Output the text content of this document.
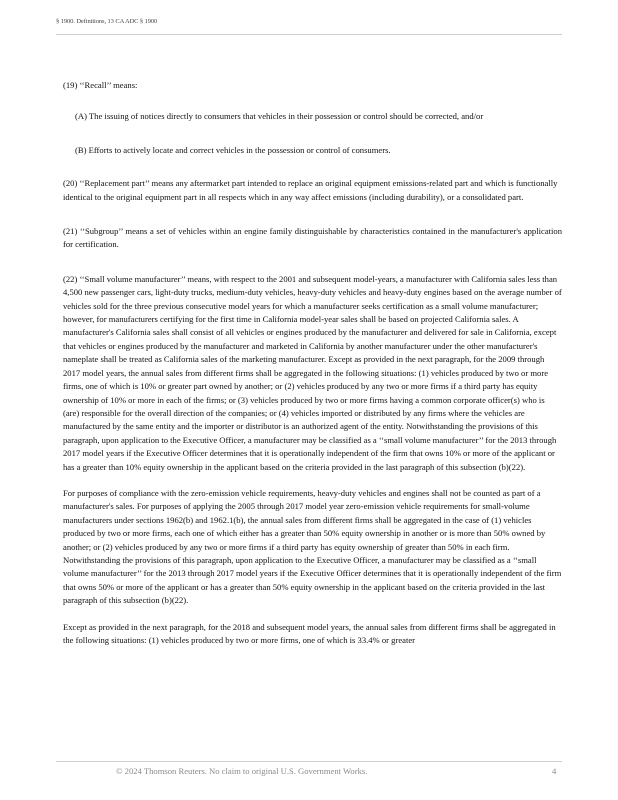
§ 1900. Definitions, 13 CA ADC § 1900

(19) ‘‘Recall’’ means:

(A) The issuing of notices directly to consumers that vehicles in their possession or control should be corrected, and/or

(B) Efforts to actively locate and correct vehicles in the possession or control of consumers.

(20) ‘‘Replacement part’’ means any aftermarket part intended to replace an original equipment emissions-related part and which is functionally identical to the original equipment part in all respects which in any way affect emissions (including durability), or a consolidated part.

(21) ‘‘Subgroup’’ means a set of vehicles within an engine family distinguishable by characteristics contained in the manufacturer's application for certification.

(22) ‘‘Small volume manufacturer’’ means, with respect to the 2001 and subsequent model-years, a manufacturer with California sales less than 4,500 new passenger cars, light-duty trucks, medium-duty vehicles, heavy-duty vehicles and heavy-duty engines based on the average number of vehicles sold for the three previous consecutive model years for which a manufacturer seeks certification as a small volume manufacturer; however, for manufacturers certifying for the first time in California model-year sales shall be based on projected California sales. A manufacturer's California sales shall consist of all vehicles or engines produced by the manufacturer and delivered for sale in California, except that vehicles or engines produced by the manufacturer and marketed in California by another manufacturer under the other manufacturer's nameplate shall be treated as California sales of the marketing manufacturer. Except as provided in the next paragraph, for the 2009 through 2017 model years, the annual sales from different firms shall be aggregated in the following situations: (1) vehicles produced by two or more firms, one of which is 10% or greater part owned by another; or (2) vehicles produced by any two or more firms if a third party has equity ownership of 10% or more in each of the firms; or (3) vehicles produced by two or more firms having a common corporate officer(s) who is (are) responsible for the overall direction of the companies; or (4) vehicles imported or distributed by any firms where the vehicles are manufactured by the same entity and the importer or distributor is an authorized agent of the entity. Notwithstanding the provisions of this paragraph, upon application to the Executive Officer, a manufacturer may be classified as a ‘‘small volume manufacturer’’ for the 2013 through 2017 model years if the Executive Officer determines that it is operationally independent of the firm that owns 10% or more of the applicant or has a greater than 10% equity ownership in the applicant based on the criteria provided in the last paragraph of this subsection (b)(22).

For purposes of compliance with the zero-emission vehicle requirements, heavy-duty vehicles and engines shall not be counted as part of a manufacturer's sales. For purposes of applying the 2005 through 2017 model year zero-emission vehicle requirements for small-volume manufacturers under sections 1962(b) and 1962.1(b), the annual sales from different firms shall be aggregated in the case of (1) vehicles produced by two or more firms, each one of which either has a greater than 50% equity ownership in another or is more than 50% owned by another; or (2) vehicles produced by any two or more firms if a third party has equity ownership of greater than 50% in each firm. Notwithstanding the provisions of this paragraph, upon application to the Executive Officer, a manufacturer may be classified as a ‘‘small volume manufacturer’’ for the 2013 through 2017 model years if the Executive Officer determines that it is operationally independent of the firm that owns 50% or more of the applicant or has a greater than 50% equity ownership in the applicant based on the criteria provided in the last paragraph of this subsection (b)(22).

Except as provided in the next paragraph, for the 2018 and subsequent model years, the annual sales from different firms shall be aggregated in the following situations: (1) vehicles produced by two or more firms, one of which is 33.4% or greater

© 2024 Thomson Reuters. No claim to original U.S. Government Works.	4
